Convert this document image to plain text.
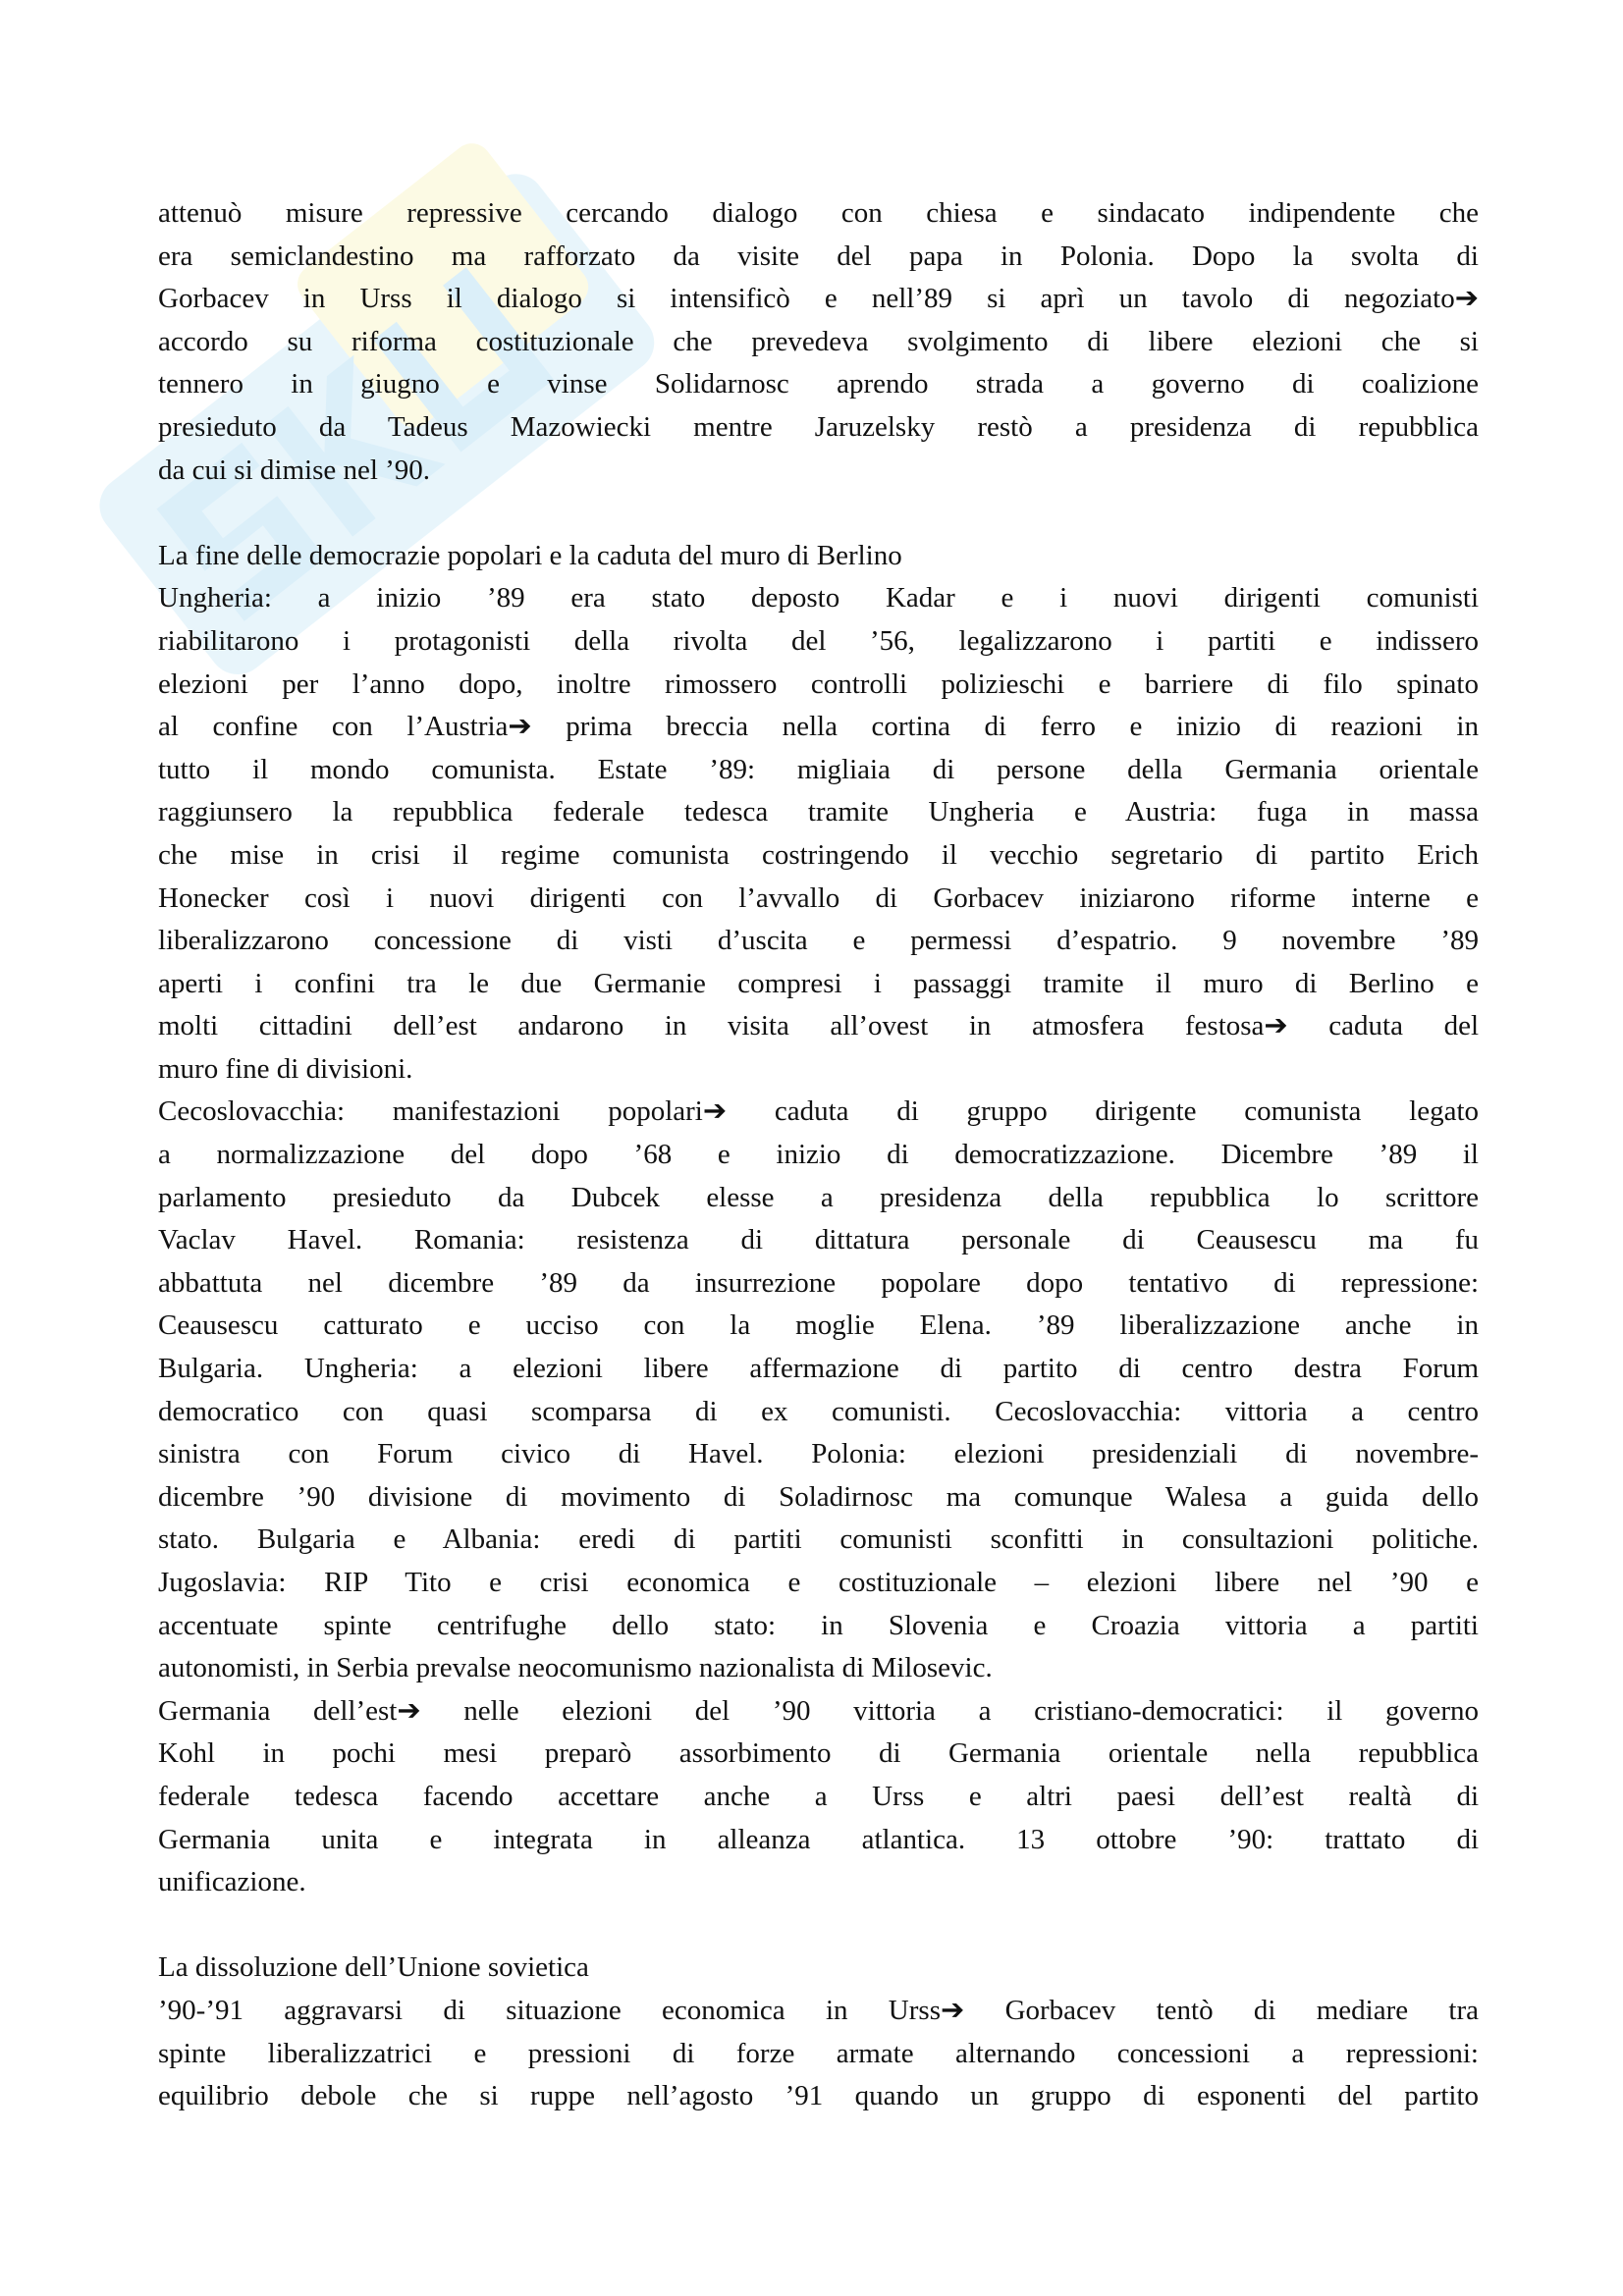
attenuò misure repressive cercando dialogo con chiesa e sindacato indipendente che
era semiclandestino ma rafforzato da visite del papa in Polonia. Dopo la svolta di
Gorbacev in Urss il dialogo si intensificò e nell’89 si aprì un tavolo di negoziato➔
accordo su riforma costituzionale che prevedeva svolgimento di libere elezioni che si
tennero in giugno e vinse Solidarnosc aprendo strada a governo di coalizione
presieduto da Tadeus Mazowiecki mentre Jaruzelsky restò a presidenza di repubblica
da cui si dimise nel ’90.
La fine delle democrazie popolari e la caduta del muro di Berlino
Ungheria: a inizio ’89 era stato deposto Kadar e i nuovi dirigenti comunisti
riabilitarono i protagonisti della rivolta del ’56, legalizzarono i partiti e indissero
elezioni per l’anno dopo, inoltre rimossero controlli polizieschi e barriere di filo spinato
al confine con l’Austria➔ prima breccia nella cortina di ferro e inizio di reazioni in
tutto il mondo comunista. Estate ’89: migliaia di persone della Germania orientale
raggiunsero la repubblica federale tedesca tramite Ungheria e Austria: fuga in massa
che mise in crisi il regime comunista costringendo il vecchio segretario di partito Erich
Honecker così i nuovi dirigenti con l’avvallo di Gorbacev iniziarono riforme interne e
liberalizzarono concessione di visti d’uscita e permessi d’espatrio. 9 novembre ’89
aperti i confini tra le due Germanie compresi i passaggi tramite il muro di Berlino e
molti cittadini dell’est andarono in visita all’ovest in atmosfera festosa➔ caduta del
muro fine di divisioni.
Cecoslovacchia: manifestazioni popolari➔ caduta di gruppo dirigente comunista legato
a normalizzazione del dopo ’68 e inizio di democratizzazione. Dicembre ’89 il
parlamento presieduto da Dubcek elesse a presidenza della repubblica lo scrittore
Vaclav Havel. Romania: resistenza di dittatura personale di Ceausescu ma fu
abbattuta nel dicembre ’89 da insurrezione popolare dopo tentativo di repressione:
Ceausescu catturato e ucciso con la moglie Elena. ’89 liberalizzazione anche in
Bulgaria. Ungheria: a elezioni libere affermazione di partito di centro destra Forum
democratico con quasi scomparsa di ex comunisti. Cecoslovacchia: vittoria a centro
sinistra con Forum civico di Havel. Polonia: elezioni presidenziali di novembre-
dicembre ’90 divisione di movimento di Soladirnosc ma comunque Walesa a guida dello
stato. Bulgaria e Albania: eredi di partiti comunisti sconfitti in consultazioni politiche.
Jugoslavia: RIP Tito e crisi economica e costituzionale – elezioni libere nel ’90 e
accentuate spinte centrifughe dello stato: in Slovenia e Croazia vittoria a partiti
autonomisti, in Serbia prevalse neocomunismo nazionalista di Milosevic.
Germania dell’est➔ nelle elezioni del ’90 vittoria a cristiano-democratici: il governo
Kohl in pochi mesi preparò assorbimento di Germania orientale nella repubblica
federale tedesca facendo accettare anche a Urss e altri paesi dell’est realtà di
Germania unita e integrata in alleanza atlantica. 13 ottobre ’90: trattato di
unificazione.
La dissoluzione dell’Unione sovietica
’90-’91 aggravarsi di situazione economica in Urss➔ Gorbacev tentò di mediare tra
spinte liberalizzatrici e pressioni di forze armate alternando concessioni a repressioni:
equilibrio debole che si ruppe nell’agosto ’91 quando un gruppo di esponenti del partito
